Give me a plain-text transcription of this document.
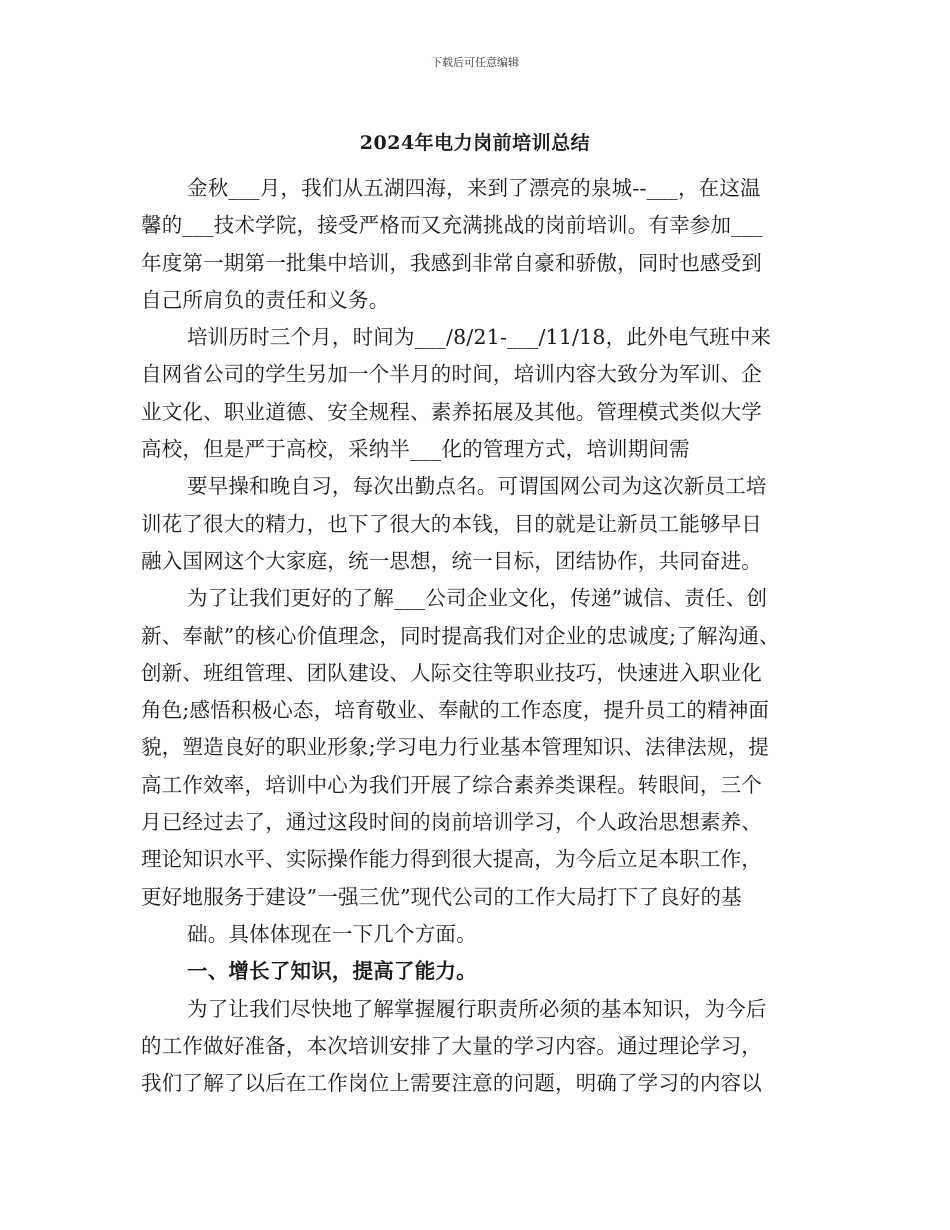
下载后可任意编辑
2024年电力岗前培训总结
金秋___月，我们从五湖四海，来到了漂亮的泉城--___，在这温
馨的___技术学院，接受严格而又充满挑战的岗前培训。有幸参加___
年度第一期第一批集中培训，我感到非常自豪和骄傲，同时也感受到
自己所肩负的责任和义务。
培训历时三个月，时间为___/8/21-___/11/18，此外电气班中来
自网省公司的学生另加一个半月的时间，培训内容大致分为军训、企
业文化、职业道德、安全规程、素养拓展及其他。管理模式类似大学
高校，但是严于高校，采纳半___化的管理方式，培训期间需
要早操和晚自习，每次出勤点名。可谓国网公司为这次新员工培
训花了很大的精力，也下了很大的本钱，目的就是让新员工能够早日
融入国网这个大家庭，统一思想，统一目标，团结协作，共同奋进。
为了让我们更好的了解___公司企业文化，传递”诚信、责任、创
新、奉献”的核心价值理念，同时提高我们对企业的忠诚度;了解沟通、
创新、班组管理、团队建设、人际交往等职业技巧，快速进入职业化
角色;感悟积极心态，培育敬业、奉献的工作态度，提升员工的精神面
貌，塑造良好的职业形象;学习电力行业基本管理知识、法律法规，提
高工作效率，培训中心为我们开展了综合素养类课程。转眼间，三个
月已经过去了，通过这段时间的岗前培训学习，个人政治思想素养、
理论知识水平、实际操作能力得到很大提高，为今后立足本职工作，
更好地服务于建设”一强三优”现代公司的工作大局打下了良好的基
础。具体体现在一下几个方面。
一、增长了知识，提高了能力。
为了让我们尽快地了解掌握履行职责所必须的基本知识，为今后
的工作做好准备，本次培训安排了大量的学习内容。通过理论学习，
我们了解了以后在工作岗位上需要注意的问题，明确了学习的内容以
